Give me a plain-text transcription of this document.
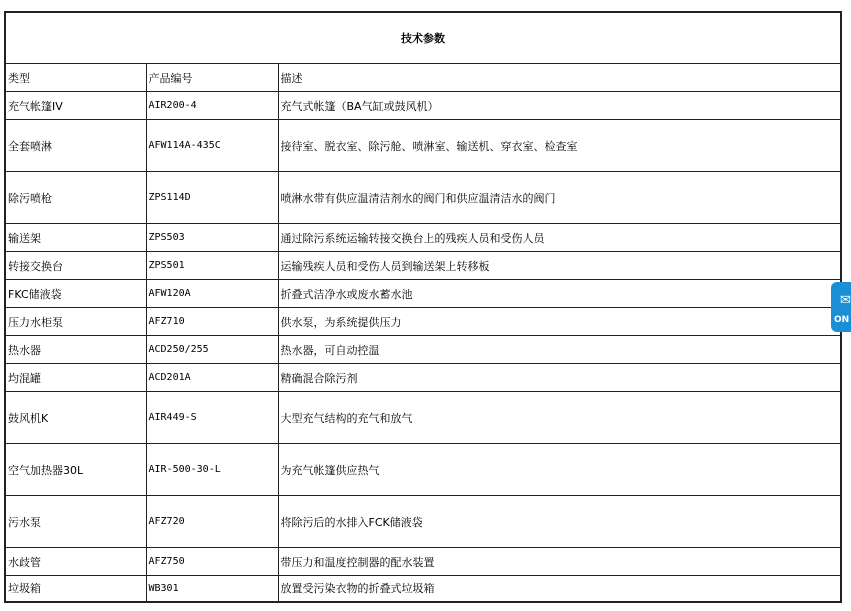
技术参数		
类型	产品编号	描述
充气帐篷IV	AIR200-4	充气式帐篷（BA气缸或鼓风机）
全套喷淋	AFW114A-435C	接待室、脱衣室、除污舱、喷淋室、输送机、穿衣室、检查室
除污喷枪	ZPS114D	喷淋水带有供应温清洁剂水的阀门和供应温清洁水的阀门
输送架	ZPS503	通过除污系统运输转接交换台上的残疾人员和受伤人员
转接交换台	ZPS501	运输残疾人员和受伤人员到输送架上转移板
FKC储液袋	AFW120A	折叠式洁净水或废水蓄水池
压力水柜泵	AFZ710	供水泵，为系统提供压力
热水器	ACD250/255	热水器，可自动控温
均混罐	ACD201A	精确混合除污剂
鼓风机K	AIR449-S	大型充气结构的充气和放气
空气加热器30L	AIR-500-30-L	为充气帐篷供应热气
污水泵	AFZ720	将除污后的水排入FCK储液袋
水歧管	AFZ750	带压力和温度控制器的配水装置
垃圾箱	WB301	放置受污染衣物的折叠式垃圾箱
✉
ON
